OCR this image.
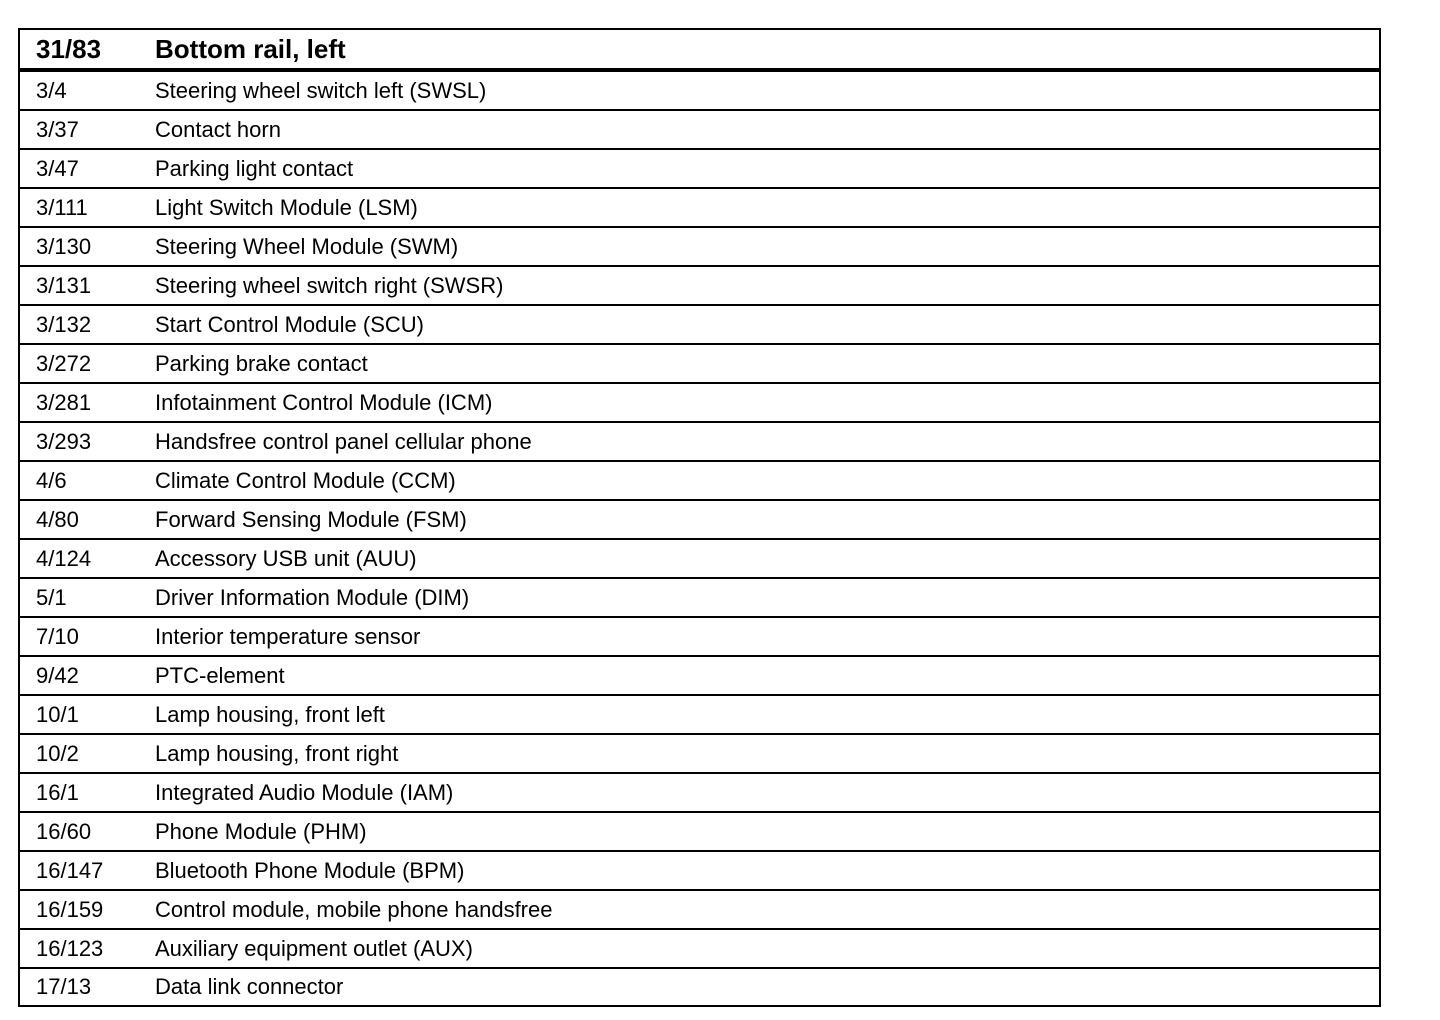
31/83	Bottom rail, left
3/4	Steering wheel switch left (SWSL)
3/37	Contact horn
3/47	Parking light contact
3/111	Light Switch Module (LSM)
3/130	Steering Wheel Module (SWM)
3/131	Steering wheel switch right (SWSR)
3/132	Start Control Module (SCU)
3/272	Parking brake contact
3/281	Infotainment Control Module (ICM)
3/293	Handsfree control panel cellular phone
4/6	Climate Control Module (CCM)
4/80	Forward Sensing Module (FSM)
4/124	Accessory USB unit (AUU)
5/1	Driver Information Module (DIM)
7/10	Interior temperature sensor
9/42	PTC-element
10/1	Lamp housing, front left
10/2	Lamp housing, front right
16/1	Integrated Audio Module (IAM)
16/60	Phone Module (PHM)
16/147	Bluetooth Phone Module (BPM)
16/159	Control module, mobile phone handsfree
16/123	Auxiliary equipment outlet (AUX)
17/13	Data link connector
